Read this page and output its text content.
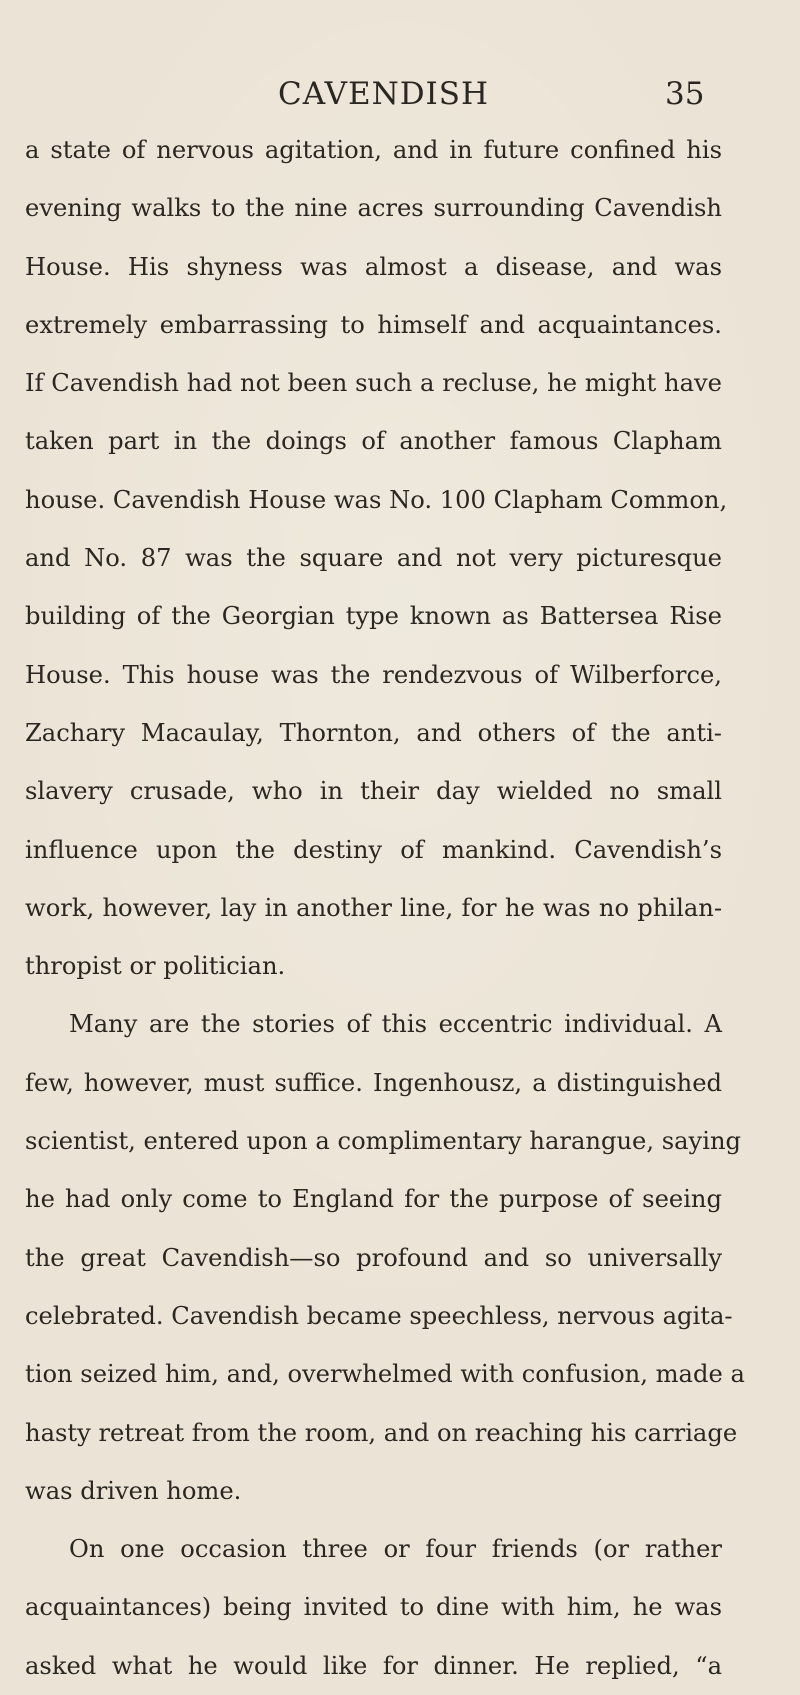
CAVENDISH	35
a state of nervous agitation, and in future confined his
evening walks to the nine acres surrounding Cavendish
House. His shyness was almost a disease, and was
extremely embarrassing to himself and acquaintances.
If Cavendish had not been such a recluse, he might have
taken part in the doings of another famous Clapham
house. Cavendish House was No. 100 Clapham Common,
and No. 87 was the square and not very picturesque
building of the Georgian type known as Battersea Rise
House. This house was the rendezvous of Wilberforce,
Zachary Macaulay, Thornton, and others of the anti-
slavery crusade, who in their day wielded no small
influence upon the destiny of mankind. Cavendish’s
work, however, lay in another line, for he was no philan-
thropist or politician.
Many are the stories of this eccentric individual. A
few, however, must suffice. Ingenhousz, a distinguished
scientist, entered upon a complimentary harangue, saying
he had only come to England for the purpose of seeing
the great Cavendish—so profound and so universally
celebrated. Cavendish became speechless, nervous agita-
tion seized him, and, overwhelmed with confusion, made a
hasty retreat from the room, and on reaching his carriage
was driven home.
On one occasion three or four friends (or rather
acquaintances) being invited to dine with him, he was
asked what he would like for dinner. He replied, “a
